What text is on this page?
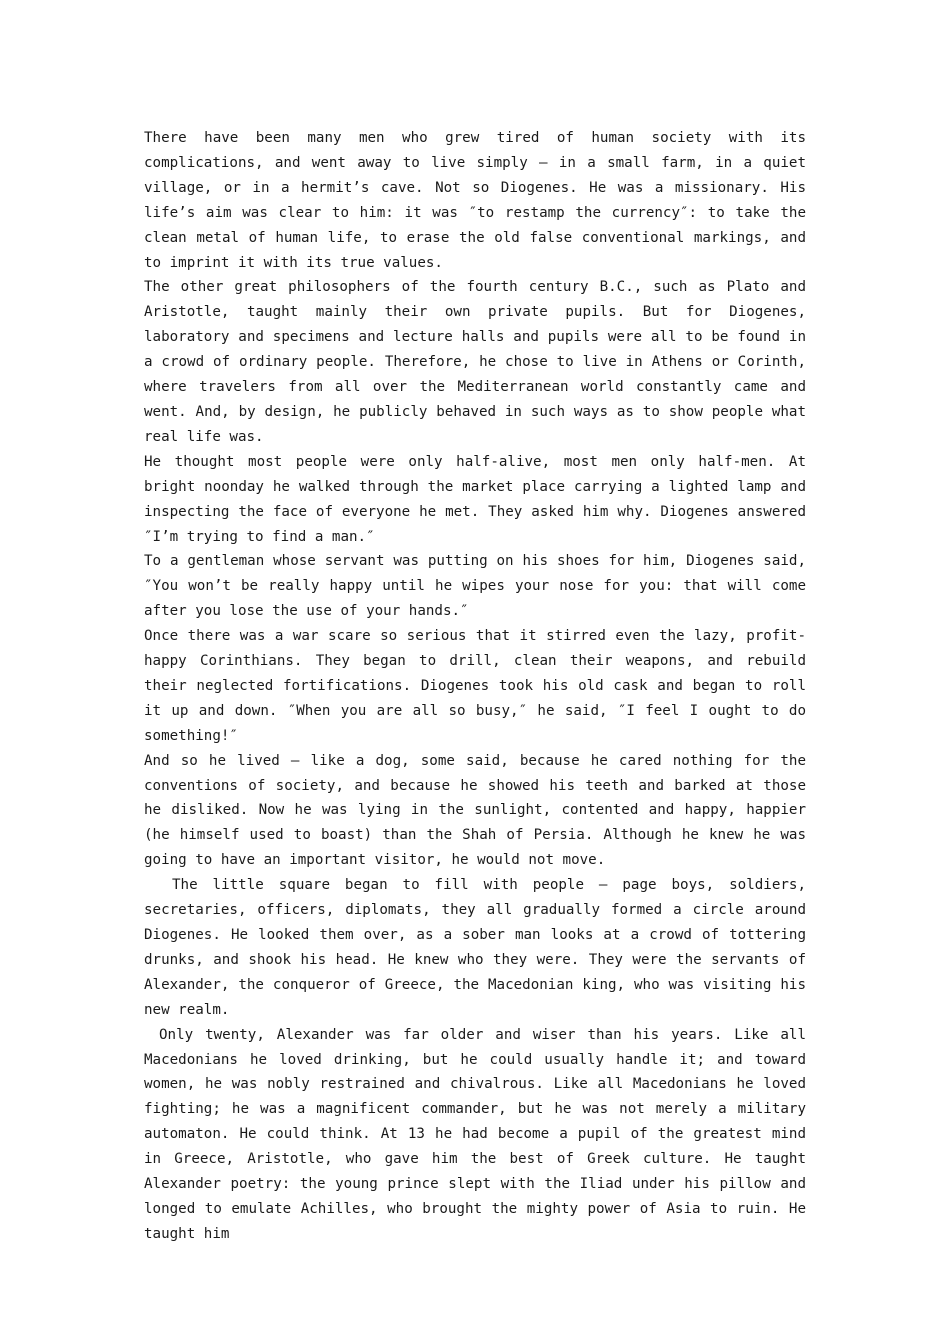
There have been many men who grew tired of human society with its complications, and went away to live simply — in a small farm, in a quiet village, or in a hermit’s cave. Not so Diogenes. He was a missionary. His life’s aim was clear to him: it was ″to restamp the currency″: to take the clean metal of human life, to erase the old false conventional markings, and to imprint it with its true values.

The other great philosophers of the fourth century B.C., such as Plato and Aristotle, taught mainly their own private pupils. But for Diogenes, laboratory and specimens and lecture halls and pupils were all to be found in a crowd of ordinary people. Therefore, he chose to live in Athens or Corinth, where travelers from all over the Mediterranean world constantly came and went. And, by design, he publicly behaved in such ways as to show people what real life was.

He thought most people were only half-alive, most men only half-men. At bright noonday he walked through the market place carrying a lighted lamp and inspecting the face of everyone he met. They asked him why. Diogenes answered ″I’m trying to find a man.″

To a gentleman whose servant was putting on his shoes for him, Diogenes said, ″You won’t be really happy until he wipes your nose for you: that will come after you lose the use of your hands.″

Once there was a war scare so serious that it stirred even the lazy, profit-happy Corinthians. They began to drill, clean their weapons, and rebuild their neglected fortifications. Diogenes took his old cask and began to roll it up and down. ″When you are all so busy,″ he said, ″I feel I ought to do something!″

And so he lived — like a dog, some said, because he cared nothing for the conventions of society, and because he showed his teeth and barked at those he disliked. Now he was lying in the sunlight, contented and happy, happier (he himself used to boast) than the Shah of Persia. Although he knew he was going to have an important visitor, he would not move.

The little square began to fill with people — page boys, soldiers, secretaries, officers, diplomats, they all gradually formed a circle around Diogenes. He looked them over, as a sober man looks at a crowd of tottering drunks, and shook his head. He knew who they were. They were the servants of Alexander, the conqueror of Greece, the Macedonian king, who was visiting his new realm.

Only twenty, Alexander was far older and wiser than his years. Like all Macedonians he loved drinking, but he could usually handle it; and toward women, he was nobly restrained and chivalrous. Like all Macedonians he loved fighting; he was a magnificent commander, but he was not merely a military automaton. He could think. At 13 he had become a pupil of the greatest mind in Greece, Aristotle, who gave him the best of Greek culture. He taught Alexander poetry: the young prince slept with the Iliad under his pillow and longed to emulate Achilles, who brought the mighty power of Asia to ruin. He taught him
